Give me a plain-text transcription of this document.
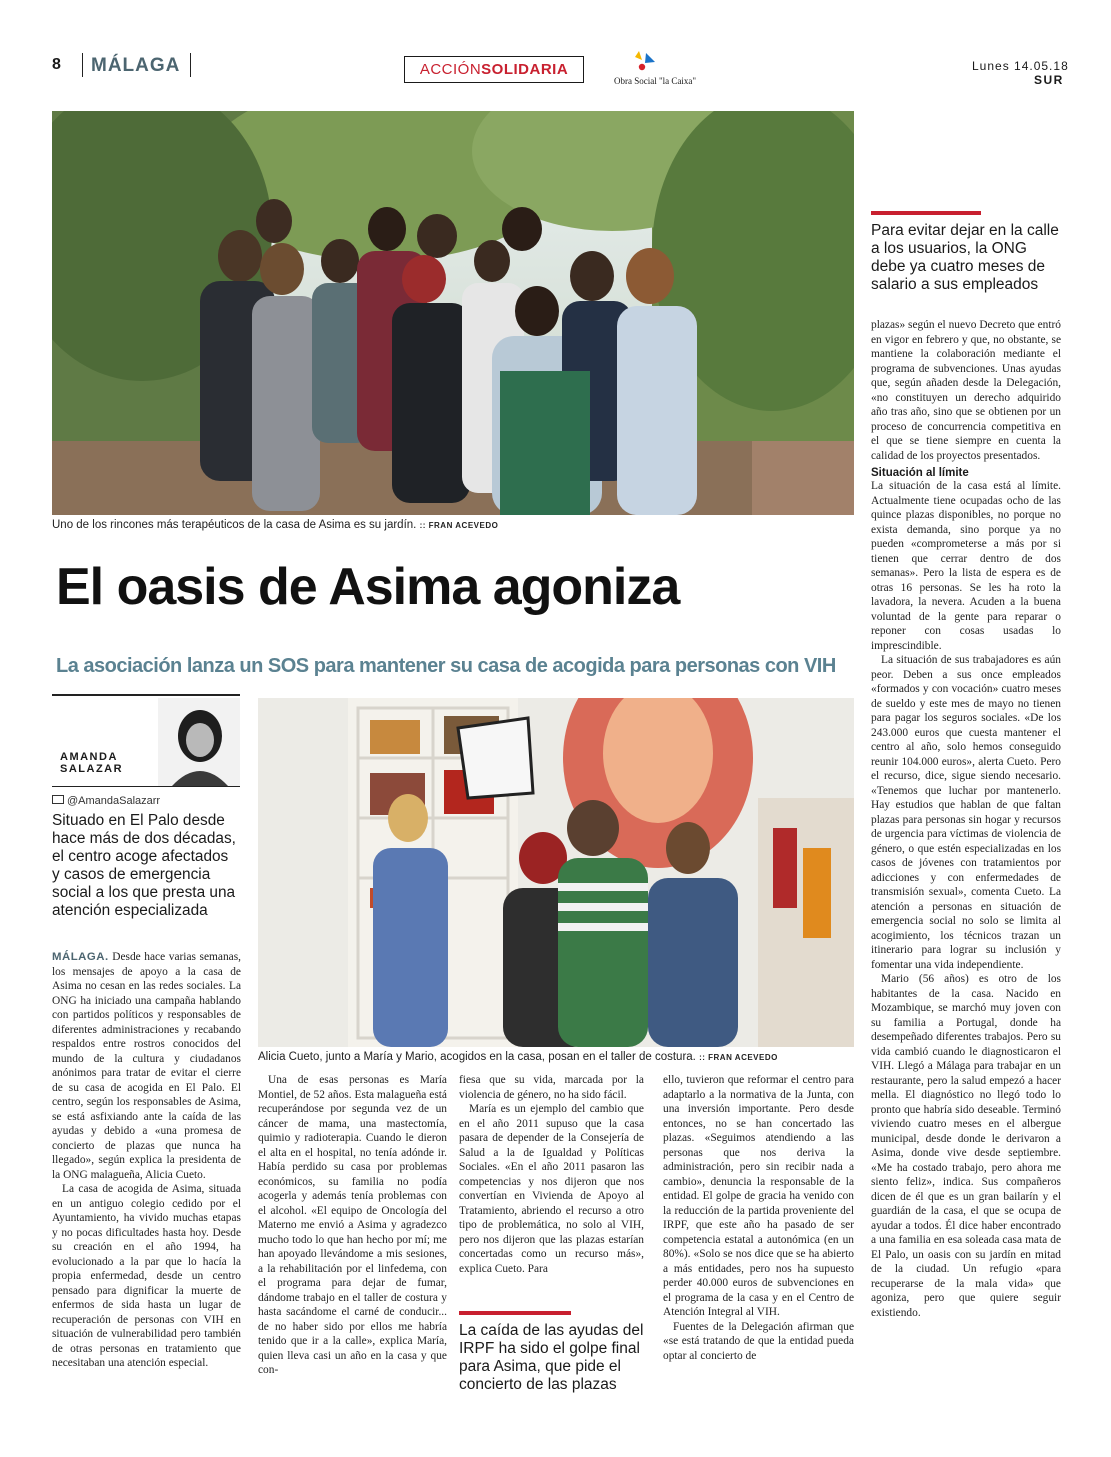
8 MÁLAGA	ACCIÓNSOLIDARIA
Obra Social "la Caixa"
Lunes 14.05.18
SUR
Uno de los rincones más terapéuticos de la casa de Asima es su jardín. :: FRAN ACEVEDO
El oasis de Asima agoniza
La asociación lanza un SOS para mantener su casa de acogida para personas con VIH
AMANDA
SALAZAR
@AmandaSalazarr
Situado en El Palo desde hace más de dos décadas, el centro acoge afectados y casos de emergencia social a los que presta una atención especializada
Alicia Cueto, junto a María y Mario, acogidos en la casa, posan en el taller de costura. :: FRAN ACEVEDO
Para evitar dejar en la calle a los usuarios, la ONG debe ya cuatro meses de salario a sus empleados
La caída de las ayudas del IRPF ha sido el golpe final para Asima, que pide el concierto de las plazas

MÁLAGA. Desde hace varias semanas, los mensajes de apoyo a la casa de Asima no cesan en las redes sociales. La ONG ha iniciado una campaña hablando con partidos políticos y responsables de diferentes administraciones y recabando respaldos entre rostros conocidos del mundo de la cultura y ciudadanos anónimos para tratar de evitar el cierre de su casa de acogida en El Palo. El centro, según los responsables de Asima, se está asfixiando ante la caída de las ayudas y debido a «una promesa de concierto de plazas que nunca ha llegado», según explica la presidenta de la ONG malagueña, Alicia Cueto.

La casa de acogida de Asima, situada en un antiguo colegio cedido por el Ayuntamiento, ha vivido muchas etapas y no pocas dificultades hasta hoy. Desde su creación en el año 1994, ha evolucionado a la par que lo hacía la propia enfermedad, desde un centro pensado para dignificar la muerte de enfermos de sida hasta un lugar de recuperación de personas con VIH en situación de vulnerabilidad pero también de otras personas en tratamiento que necesitaban una atención especial.

Una de esas personas es María Montiel, de 52 años. Esta malagueña está recuperándose por segunda vez de un cáncer de mama, una mastectomía, quimio y radioterapia. Cuando le dieron el alta en el hospital, no tenía adónde ir. Había perdido su casa por problemas económicos, su familia no podía acogerla y además tenía problemas con el alcohol. «El equipo de Oncología del Materno me envió a Asima y agradezco mucho todo lo que han hecho por mí; me han apoyado llevándome a mis sesiones, a la rehabilitación por el linfedema, con el programa para dejar de fumar, dándome trabajo en el taller de costura y hasta sacándome el carné de conducir... de no haber sido por ellos me habría tenido que ir a la calle», explica María, quien lleva casi un año en la casa y que con-

fiesa que su vida, marcada por la violencia de género, no ha sido fácil.

María es un ejemplo del cambio que en el año 2011 supuso que la casa pasara de depender de la Consejería de Salud a la de Igualdad y Políticas Sociales. «En el año 2011 pasaron las competencias y nos dijeron que nos convertían en Vivienda de Apoyo al Tratamiento, abriendo el recurso a otro tipo de problemática, no solo al VIH, pero nos dijeron que las plazas estarían concertadas como un recurso más», explica Cueto. Para

ello, tuvieron que reformar el centro para adaptarlo a la normativa de la Junta, con una inversión importante. Pero desde entonces, no se han concertado las plazas. «Seguimos atendiendo a las personas que nos deriva la administración, pero sin recibir nada a cambio», denuncia la responsable de la entidad. El golpe de gracia ha venido con la reducción de la partida proveniente del IRPF, que este año ha pasado de ser competencia estatal a autonómica (en un 80%). «Solo se nos dice que se ha abierto a más entidades, pero nos ha supuesto perder 40.000 euros de subvenciones en el programa de la casa y en el Centro de Atención Integral al VIH.

Fuentes de la Delegación afirman que «se está tratando de que la entidad pueda optar al concierto de

plazas» según el nuevo Decreto que entró en vigor en febrero y que, no obstante, se mantiene la colaboración mediante el programa de subvenciones. Unas ayudas que, según añaden desde la Delegación, «no constituyen un derecho adquirido año tras año, sino que se obtienen por un proceso de concurrencia competitiva en el que se tiene siempre en cuenta la calidad de los proyectos presentados.

Situación al límite

La situación de la casa está al límite. Actualmente tiene ocupadas ocho de las quince plazas disponibles, no porque no exista demanda, sino porque ya no pueden «comprometerse a más por si tienen que cerrar dentro de dos semanas». Pero la lista de espera es de otras 16 personas. Se les ha roto la lavadora, la nevera. Acuden a la buena voluntad de la gente para reparar o reponer con cosas usadas lo imprescindible.

La situación de sus trabajadores es aún peor. Deben a sus once empleados «formados y con vocación» cuatro meses de sueldo y este mes de mayo no tienen para pagar los seguros sociales. «De los 243.000 euros que cuesta mantener el centro al año, solo hemos conseguido reunir 104.000 euros», alerta Cueto. Pero el recurso, dice, sigue siendo necesario. «Tenemos que luchar por mantenerlo. Hay estudios que hablan de que faltan plazas para personas sin hogar y recursos de urgencia para víctimas de violencia de género, o que estén especializadas en los casos de jóvenes con tratamientos por adicciones y con enfermedades de transmisión sexual», comenta Cueto. La atención a personas en situación de emergencia social no solo se limita al acogimiento, los técnicos trazan un itinerario para lograr su inclusión y fomentar una vida independiente.

Mario (56 años) es otro de los habitantes de la casa. Nacido en Mozambique, se marchó muy joven con su familia a Portugal, donde ha desempeñado diferentes trabajos. Pero su vida cambió cuando le diagnosticaron el VIH. Llegó a Málaga para trabajar en un restaurante, pero la salud empezó a hacer mella. El diagnóstico no llegó todo lo pronto que habría sido deseable. Terminó viviendo cuatro meses en el albergue municipal, desde donde le derivaron a Asima, donde vive desde septiembre. «Me ha costado trabajo, pero ahora me siento feliz», indica. Sus compañeros dicen de él que es un gran bailarín y el guardián de la casa, el que se ocupa de ayudar a todos. Él dice haber encontrado a una familia en esa soleada casa mata de El Palo, un oasis con su jardín en mitad de la ciudad. Un refugio «para recuperarse de la mala vida» que agoniza, pero que quiere seguir existiendo.
